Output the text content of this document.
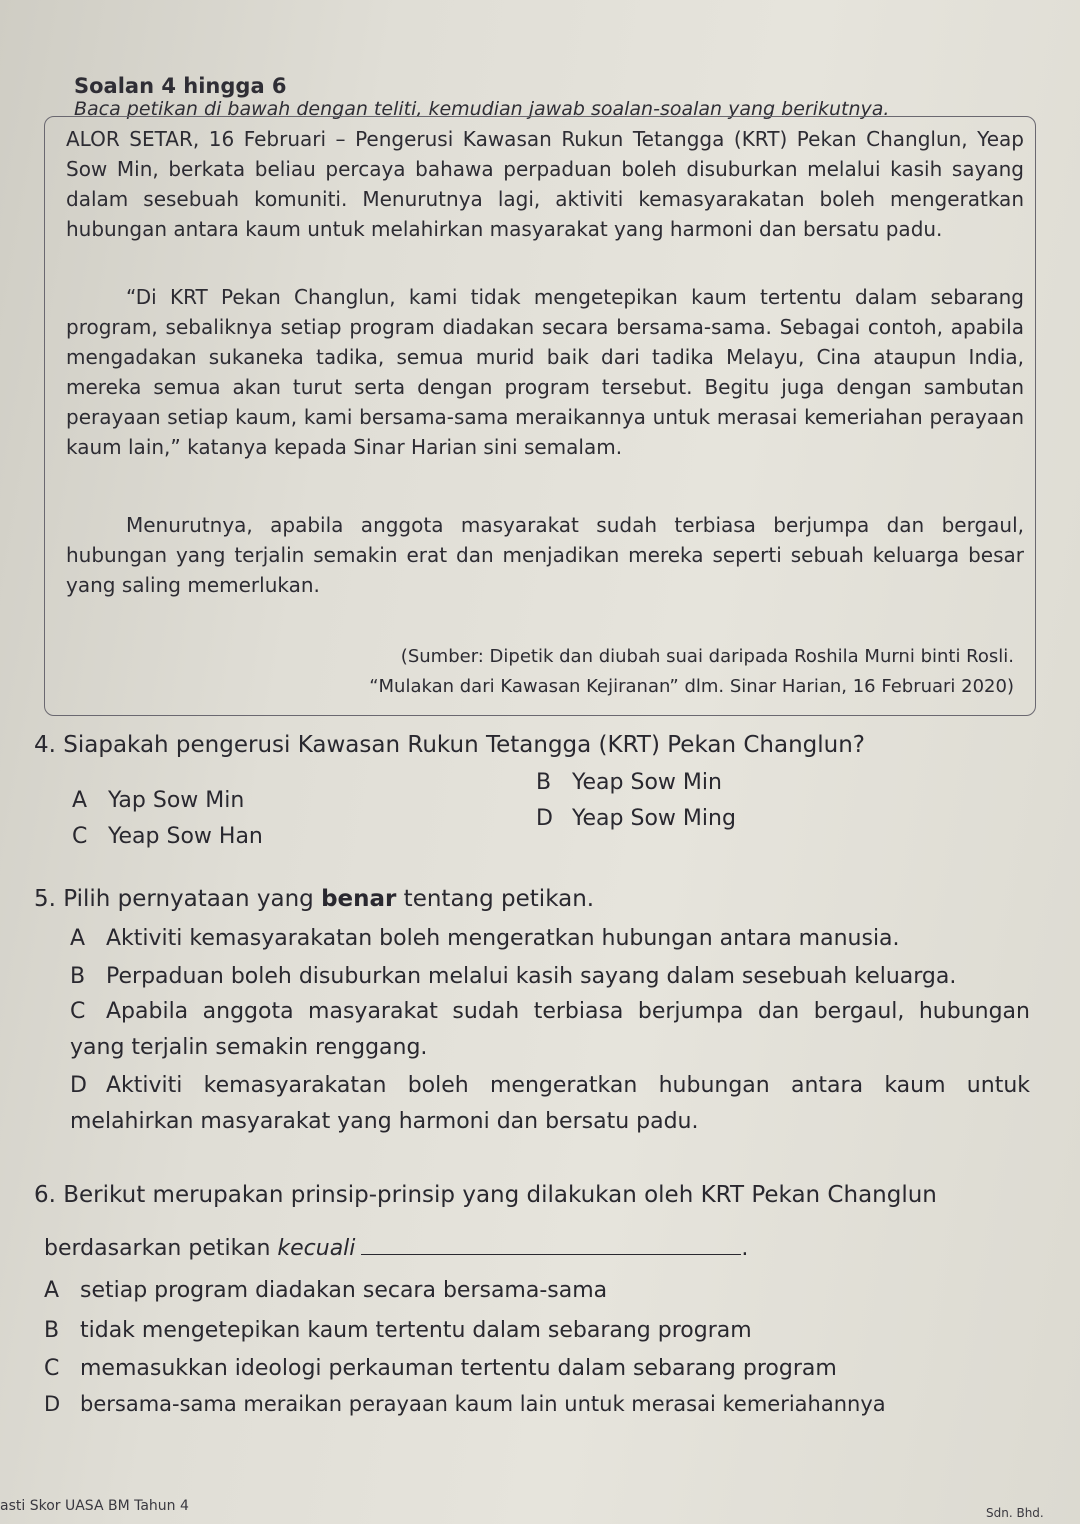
Soalan 4 hingga 6
Baca petikan di bawah dengan teliti, kemudian jawab soalan-soalan yang berikutnya.
ALOR SETAR, 16 Februari – Pengerusi Kawasan Rukun Tetangga (KRT) Pekan Changlun, Yeap Sow Min, berkata beliau percaya bahawa perpaduan boleh disuburkan melalui kasih sayang dalam sesebuah komuniti. Menurutnya lagi, aktiviti kemasyarakatan boleh mengeratkan hubungan antara kaum untuk melahirkan masyarakat yang harmoni dan bersatu padu.
“Di KRT Pekan Changlun, kami tidak mengetepikan kaum tertentu dalam sebarang program, sebaliknya setiap program diadakan secara bersama-sama. Sebagai contoh, apabila mengadakan sukaneka tadika, semua murid baik dari tadika Melayu, Cina ataupun India, mereka semua akan turut serta dengan program tersebut. Begitu juga dengan sambutan perayaan setiap kaum, kami bersama-sama meraikannya untuk merasai kemeriahan perayaan kaum lain,” katanya kepada Sinar Harian sini semalam.
Menurutnya, apabila anggota masyarakat sudah terbiasa berjumpa dan bergaul, hubungan yang terjalin semakin erat dan menjadikan mereka seperti sebuah keluarga besar yang saling memerlukan.
(Sumber: Dipetik dan diubah suai daripada Roshila Murni binti Rosli.
“Mulakan dari Kawasan Kejiranan” dlm. Sinar Harian, 16 Februari 2020)
4. Siapakah pengerusi Kawasan Rukun Tetangga (KRT) Pekan Changlun?
A Yap Sow Min
B Yeap Sow Min
C Yeap Sow Han
D Yeap Sow Ming
5. Pilih pernyataan yang benar tentang petikan.
A Aktiviti kemasyarakatan boleh mengeratkan hubungan antara manusia.
B Perpaduan boleh disuburkan melalui kasih sayang dalam sesebuah keluarga.
C Apabila anggota masyarakat sudah terbiasa berjumpa dan bergaul, hubungan yang terjalin semakin renggang.
D Aktiviti kemasyarakatan boleh mengeratkan hubungan antara kaum untuk melahirkan masyarakat yang harmoni dan bersatu padu.
6. Berikut merupakan prinsip-prinsip yang dilakukan oleh KRT Pekan Changlun
berdasarkan petikan kecuali	.
A setiap program diadakan secara bersama-sama
B tidak mengetepikan kaum tertentu dalam sebarang program
C memasukkan ideologi perkauman tertentu dalam sebarang program
D bersama-sama meraikan perayaan kaum lain untuk merasai kemeriahannya
asti Skor UASA BM Tahun 4	Sdn. Bhd.
